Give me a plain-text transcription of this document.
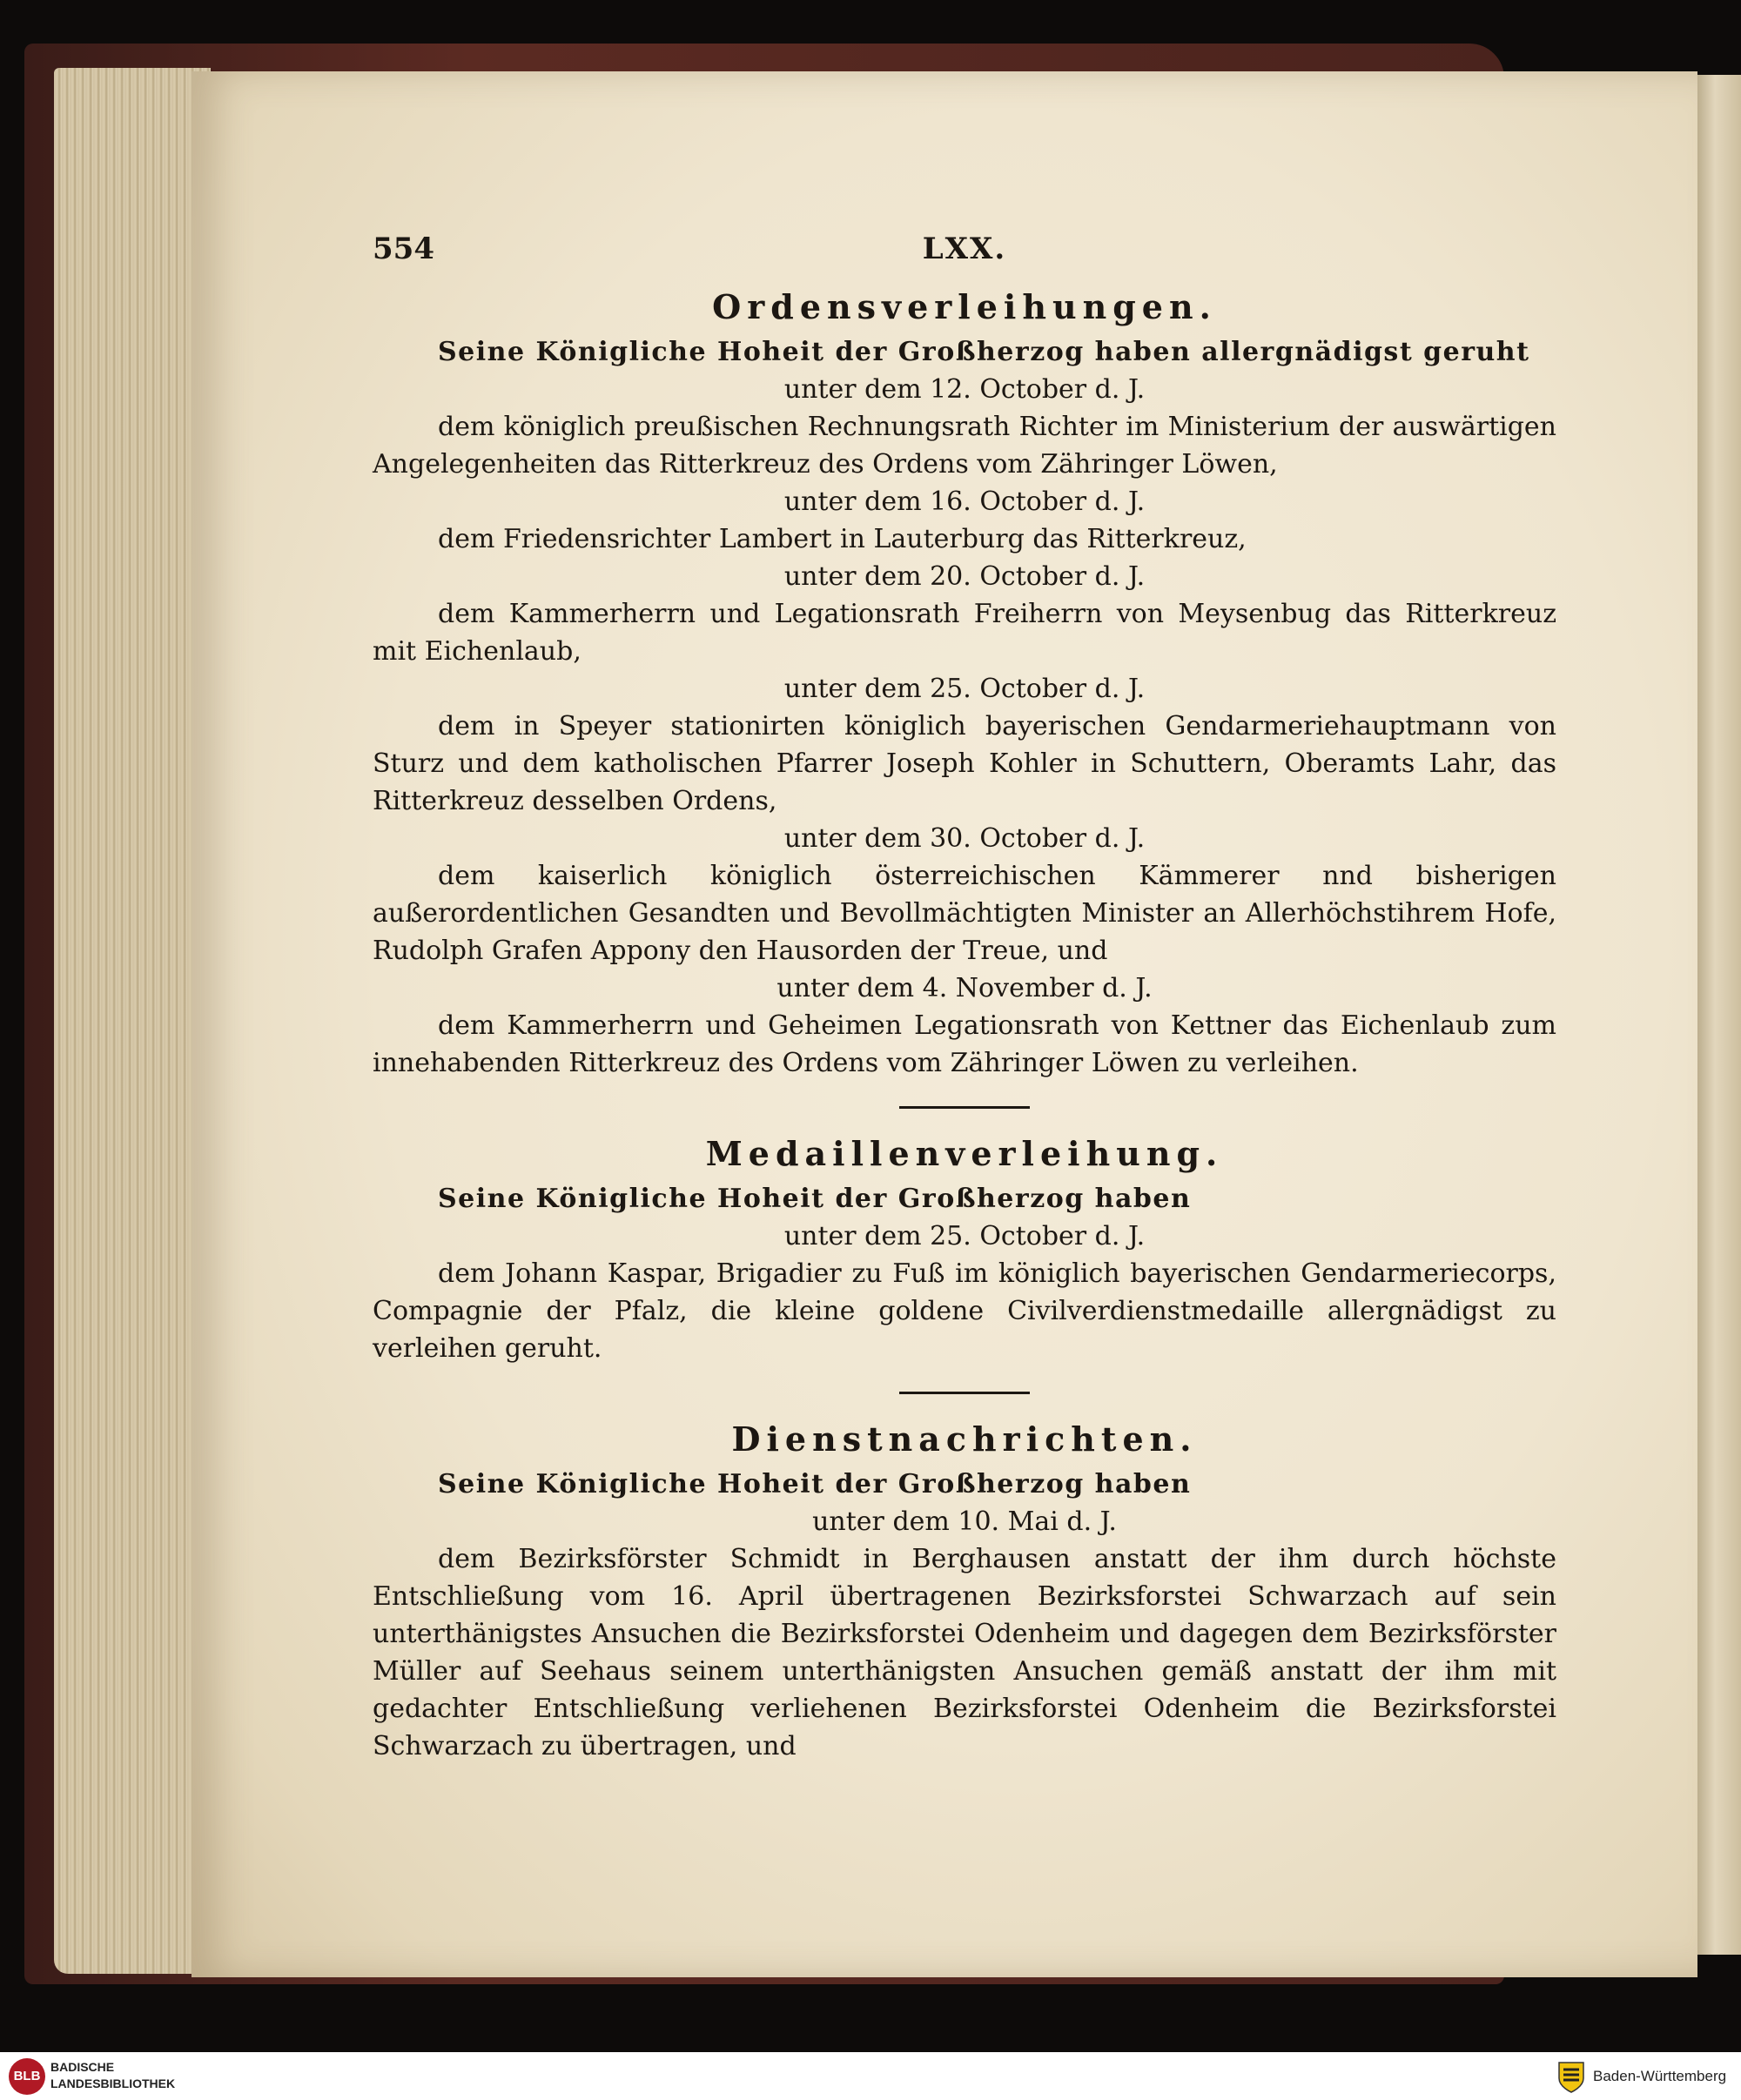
554	LXX.
Ordensverleihungen.

Seine Königliche Hoheit der Großherzog haben allergnädigst geruht

unter dem 12. October d. J.

dem königlich preußischen Rechnungsrath Richter im Ministerium der auswärtigen Angelegenheiten das Ritterkreuz des Ordens vom Zähringer Löwen,

unter dem 16. October d. J.

dem Friedensrichter Lambert in Lauterburg das Ritterkreuz,

unter dem 20. October d. J.

dem Kammerherrn und Legationsrath Freiherrn von Meysenbug das Ritterkreuz mit Eichenlaub,

unter dem 25. October d. J.

dem in Speyer stationirten königlich bayerischen Gendarmeriehauptmann von Sturz und dem katholischen Pfarrer Joseph Kohler in Schuttern, Oberamts Lahr, das Ritterkreuz desselben Ordens,

unter dem 30. October d. J.

dem kaiserlich königlich österreichischen Kämmerer nnd bisherigen außerordentlichen Gesandten und Bevollmächtigten Minister an Allerhöchstihrem Hofe, Rudolph Grafen Appony den Hausorden der Treue, und

unter dem 4. November d. J.

dem Kammerherrn und Geheimen Legationsrath von Kettner das Eichenlaub zum innehabenden Ritterkreuz des Ordens vom Zähringer Löwen zu verleihen.

Medaillenverleihung.

Seine Königliche Hoheit der Großherzog haben

unter dem 25. October d. J.

dem Johann Kaspar, Brigadier zu Fuß im königlich bayerischen Gendarmeriecorps, Compagnie der Pfalz, die kleine goldene Civilverdienstmedaille allergnädigst zu verleihen geruht.

Dienstnachrichten.

Seine Königliche Hoheit der Großherzog haben

unter dem 10. Mai d. J.

dem Bezirksförster Schmidt in Berghausen anstatt der ihm durch höchste Entschließung vom 16. April übertragenen Bezirksforstei Schwarzach auf sein unterthänigstes Ansuchen die Bezirksforstei Odenheim und dagegen dem Bezirksförster Müller auf Seehaus seinem unterthänigsten Ansuchen gemäß anstatt der ihm mit gedachter Entschließung verliehenen Bezirksforstei Odenheim die Bezirksforstei Schwarzach zu übertragen, und

BLB
BADISCHE
LANDESBIBLIOTHEK	Baden-Württemberg
